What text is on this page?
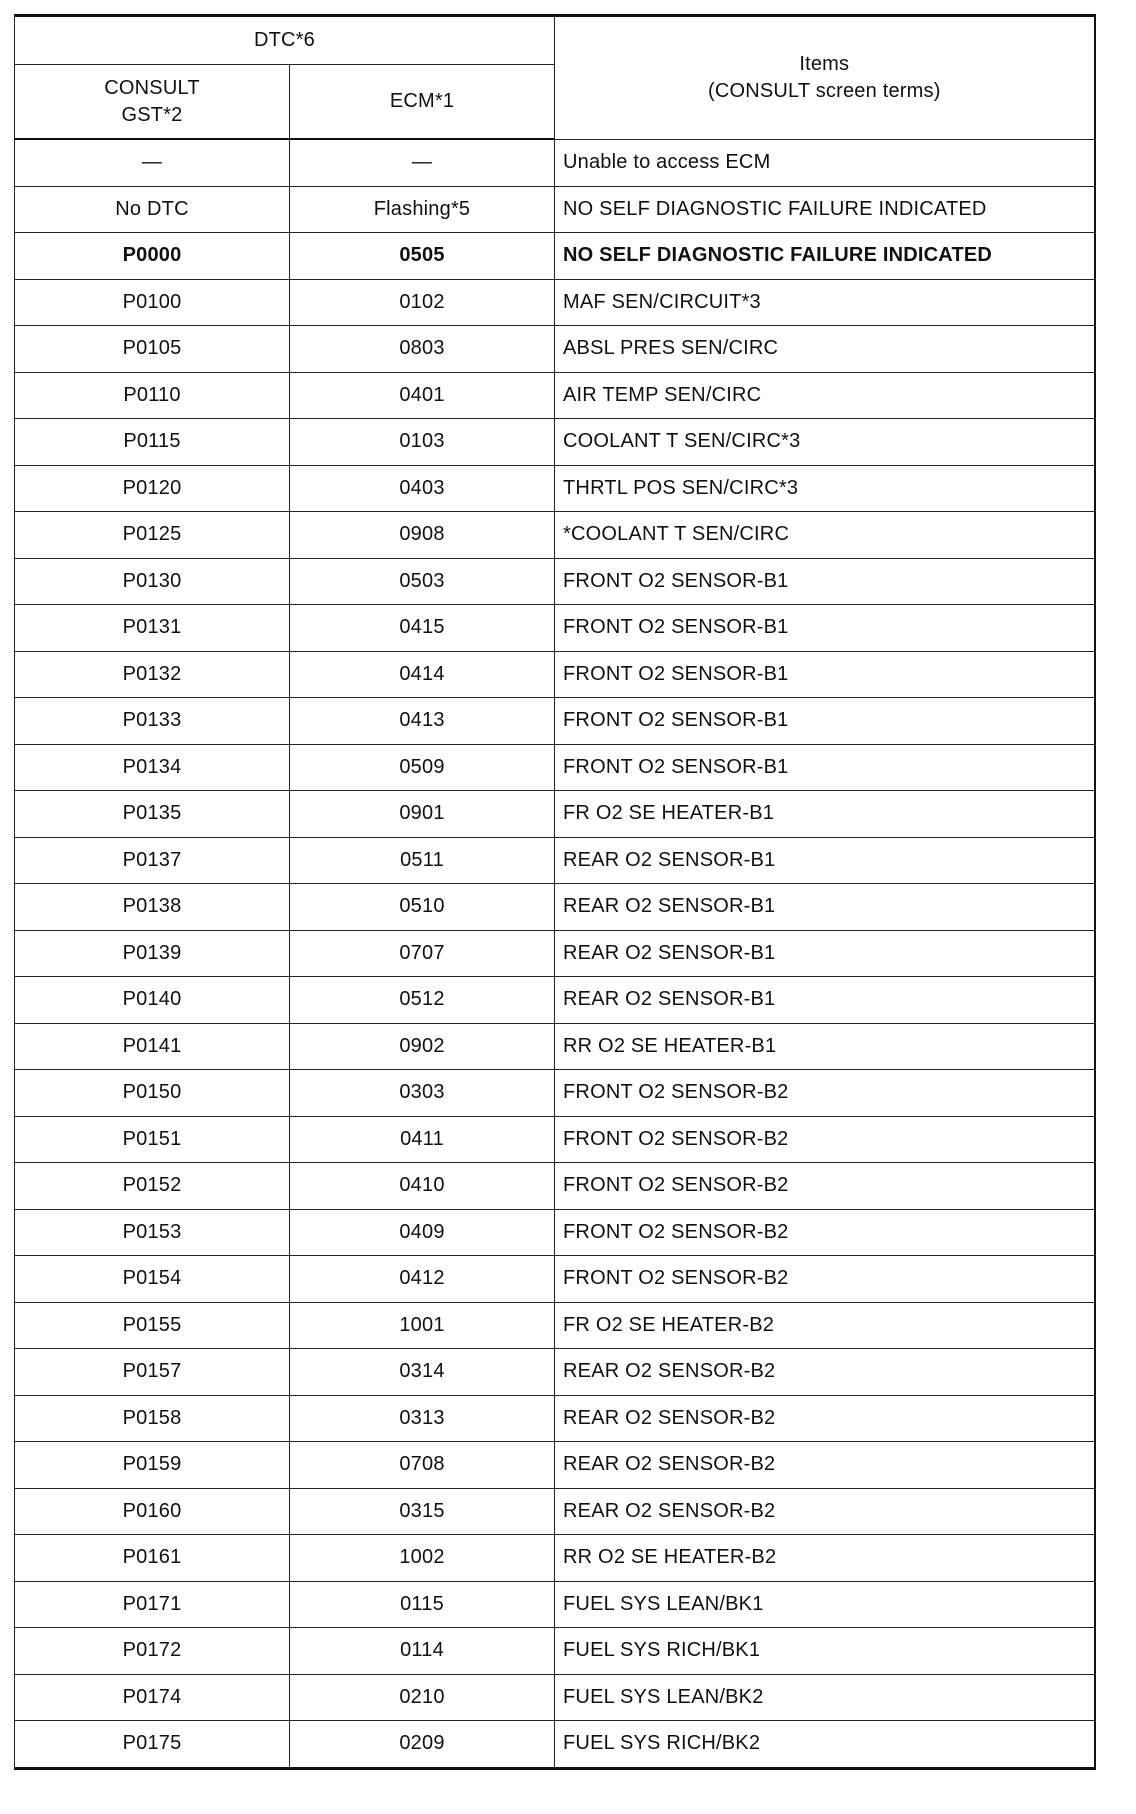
DTC*6		Items
(CONSULT screen terms)
CONSULT
GST*2	ECM*1	
—	—	Unable to access ECM
No DTC	Flashing*5	NO SELF DIAGNOSTIC FAILURE INDICATED
P0000	0505	NO SELF DIAGNOSTIC FAILURE INDICATED
P0100	0102	MAF SEN/CIRCUIT*3
P0105	0803	ABSL PRES SEN/CIRC
P0110	0401	AIR TEMP SEN/CIRC
P0115	0103	COOLANT T SEN/CIRC*3
P0120	0403	THRTL POS SEN/CIRC*3
P0125	0908	*COOLANT T SEN/CIRC
P0130	0503	FRONT O2 SENSOR-B1
P0131	0415	FRONT O2 SENSOR-B1
P0132	0414	FRONT O2 SENSOR-B1
P0133	0413	FRONT O2 SENSOR-B1
P0134	0509	FRONT O2 SENSOR-B1
P0135	0901	FR O2 SE HEATER-B1
P0137	0511	REAR O2 SENSOR-B1
P0138	0510	REAR O2 SENSOR-B1
P0139	0707	REAR O2 SENSOR-B1
P0140	0512	REAR O2 SENSOR-B1
P0141	0902	RR O2 SE HEATER-B1
P0150	0303	FRONT O2 SENSOR-B2
P0151	0411	FRONT O2 SENSOR-B2
P0152	0410	FRONT O2 SENSOR-B2
P0153	0409	FRONT O2 SENSOR-B2
P0154	0412	FRONT O2 SENSOR-B2
P0155	1001	FR O2 SE HEATER-B2
P0157	0314	REAR O2 SENSOR-B2
P0158	0313	REAR O2 SENSOR-B2
P0159	0708	REAR O2 SENSOR-B2
P0160	0315	REAR O2 SENSOR-B2
P0161	1002	RR O2 SE HEATER-B2
P0171	0115	FUEL SYS LEAN/BK1
P0172	0114	FUEL SYS RICH/BK1
P0174	0210	FUEL SYS LEAN/BK2
P0175	0209	FUEL SYS RICH/BK2
